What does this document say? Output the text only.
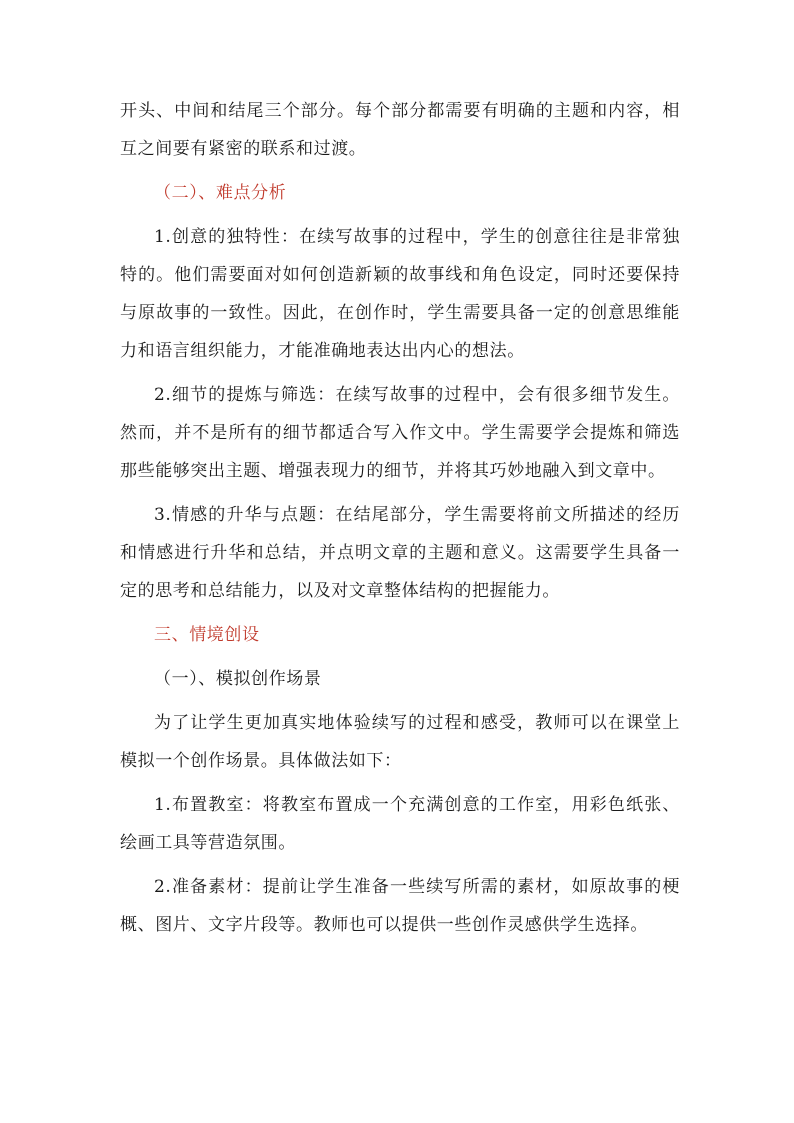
开头、中间和结尾三个部分。每个部分都需要有明确的主题和内容，相互之间要有紧密的联系和过渡。

（二）、难点分析

1.创意的独特性：在续写故事的过程中，学生的创意往往是非常独特的。他们需要面对如何创造新颖的故事线和角色设定，同时还要保持与原故事的一致性。因此，在创作时，学生需要具备一定的创意思维能力和语言组织能力，才能准确地表达出内心的想法。

2.细节的提炼与筛选：在续写故事的过程中，会有很多细节发生。然而，并不是所有的细节都适合写入作文中。学生需要学会提炼和筛选那些能够突出主题、增强表现力的细节，并将其巧妙地融入到文章中。

3.情感的升华与点题：在结尾部分，学生需要将前文所描述的经历和情感进行升华和总结，并点明文章的主题和意义。这需要学生具备一定的思考和总结能力，以及对文章整体结构的把握能力。

三、情境创设

（一）、模拟创作场景

为了让学生更加真实地体验续写的过程和感受，教师可以在课堂上模拟一个创作场景。具体做法如下：

1.布置教室：将教室布置成一个充满创意的工作室，用彩色纸张、绘画工具等营造氛围。

2.准备素材：提前让学生准备一些续写所需的素材，如原故事的梗概、图片、文字片段等。教师也可以提供一些创作灵感供学生选择。
